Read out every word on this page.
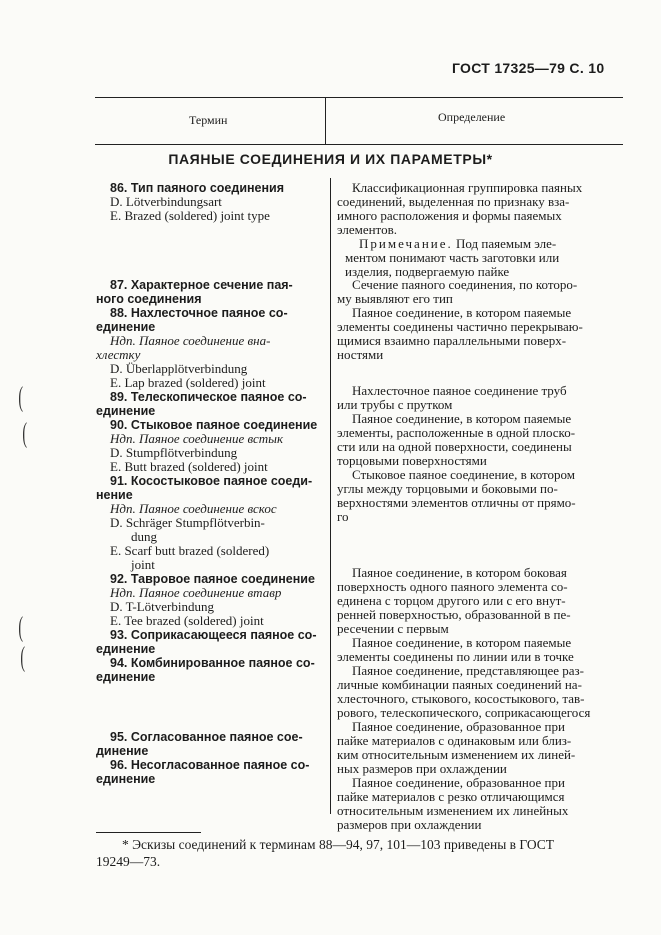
ГОСТ 17325—79 С. 10
Термин	Определение
ПАЯНЫЕ СОЕДИНЕНИЯ И ИХ ПАРАМЕТРЫ*
86. Тип паяного соединения
D. Lötverbindungsart
E. Brazed (soldered) joint type
87. Характерное сечение пая-
ного соединения
88. Нахлесточное паяное со-
единение
Ндп. Паяное соединение вна-
хлестку
D. Überlapplötverbindung
E. Lap brazed (soldered) joint
89. Телескопическое паяное со-
единение
90. Стыковое паяное соединение
Ндп. Паяное соединение встык
D. Stumpflötverbindung
E. Butt brazed (soldered) joint
91. Косостыковое паяное соеди-
нение
Ндп. Паяное соединение вскос
D. Schräger Stumpflötverbin-
dung
E. Scarf butt brazed (soldered)
joint
92. Тавровое паяное соединение
Ндп. Паяное соединение втавр
D. T-Lötverbindung
E. Tee brazed (soldered) joint
93. Соприкасающееся паяное со-
единение
94. Комбинированное паяное со-
единение
95. Согласованное паяное сое-
динение
96. Несогласованное паяное со-
единение
(
(
(
(
Классификационная группировка паяных
соединений, выделенная по признаку вза-
имного расположения и формы паяемых
элементов.
Примечание. Под паяемым эле-
ментом понимают часть заготовки или
изделия, подвергаемую пайке
Сечение паяного соединения, по которо-
му выявляют его тип
Паяное соединение, в котором паяемые
элементы соединены частично перекрываю-
щимися взаимно параллельными поверх-
ностями
Нахлесточное паяное соединение труб
или трубы с прутком
Паяное соединение, в котором паяемые
элементы, расположенные в одной плоско-
сти или на одной поверхности, соединены
торцовыми поверхностями
Стыковое паяное соединение, в котором
углы между торцовыми и боковыми по-
верхностями элементов отличны от прямо-
го
Паяное соединение, в котором боковая
поверхность одного паяного элемента со-
единена с торцом другого или с его внут-
ренней поверхностью, образованной в пе-
ресечении с первым
Паяное соединение, в котором паяемые
элементы соединены по линии или в точке
Паяное соединение, представляющее раз-
личные комбинации паяных соединений на-
хлесточного, стыкового, косостыкового, тав-
рового, телескопического, соприкасающегося
Паяное соединение, образованное при
пайке материалов с одинаковым или близ-
ким относительным изменением их линей-
ных размеров при охлаждении
Паяное соединение, образованное при
пайке материалов с резко отличающимся
относительным изменением их линейных
размеров при охлаждении
* Эскизы соединений к терминам 88—94, 97, 101—103 приведены в ГОСТ
19249—73.
